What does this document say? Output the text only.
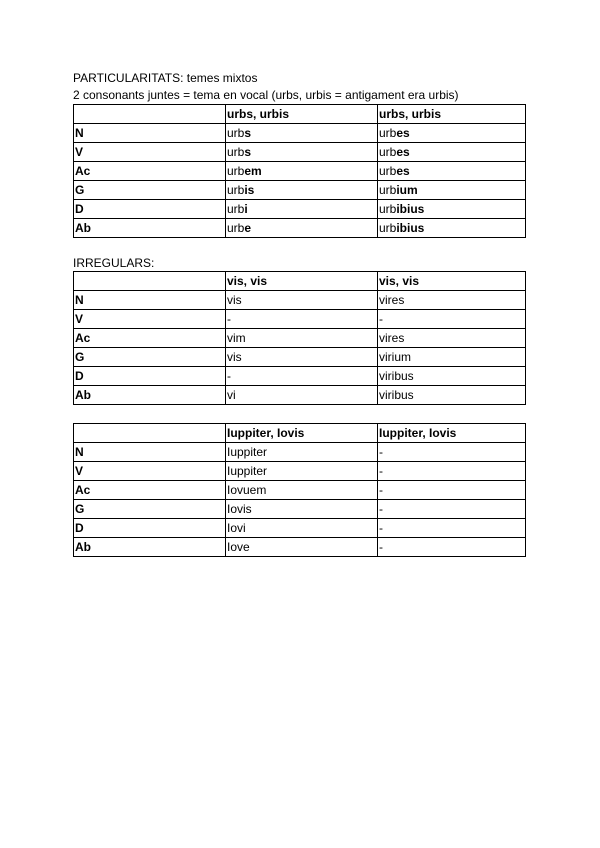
PARTICULARITATS: temes mixtos
2 consonants juntes = tema en vocal (urbs, urbis = antigament era urbis)
	urbs, urbis	urbs, urbis
N	urbs	urbes
V	urbs	urbes
Ac	urbem	urbes
G	urbis	urbium
D	urbi	urbibius
Ab	urbe	urbibius
IRREGULARS:
	vis, vis	vis, vis
N	vis	vires
V	-	-
Ac	vim	vires
G	vis	virium
D	-	viribus
Ab	vi	viribus
	Iuppiter, Iovis	Iuppiter, Iovis
N	Iuppiter	-
V	Iuppiter	-
Ac	Iovuem	-
G	Iovis	-
D	Iovi	-
Ab	Iove	-
